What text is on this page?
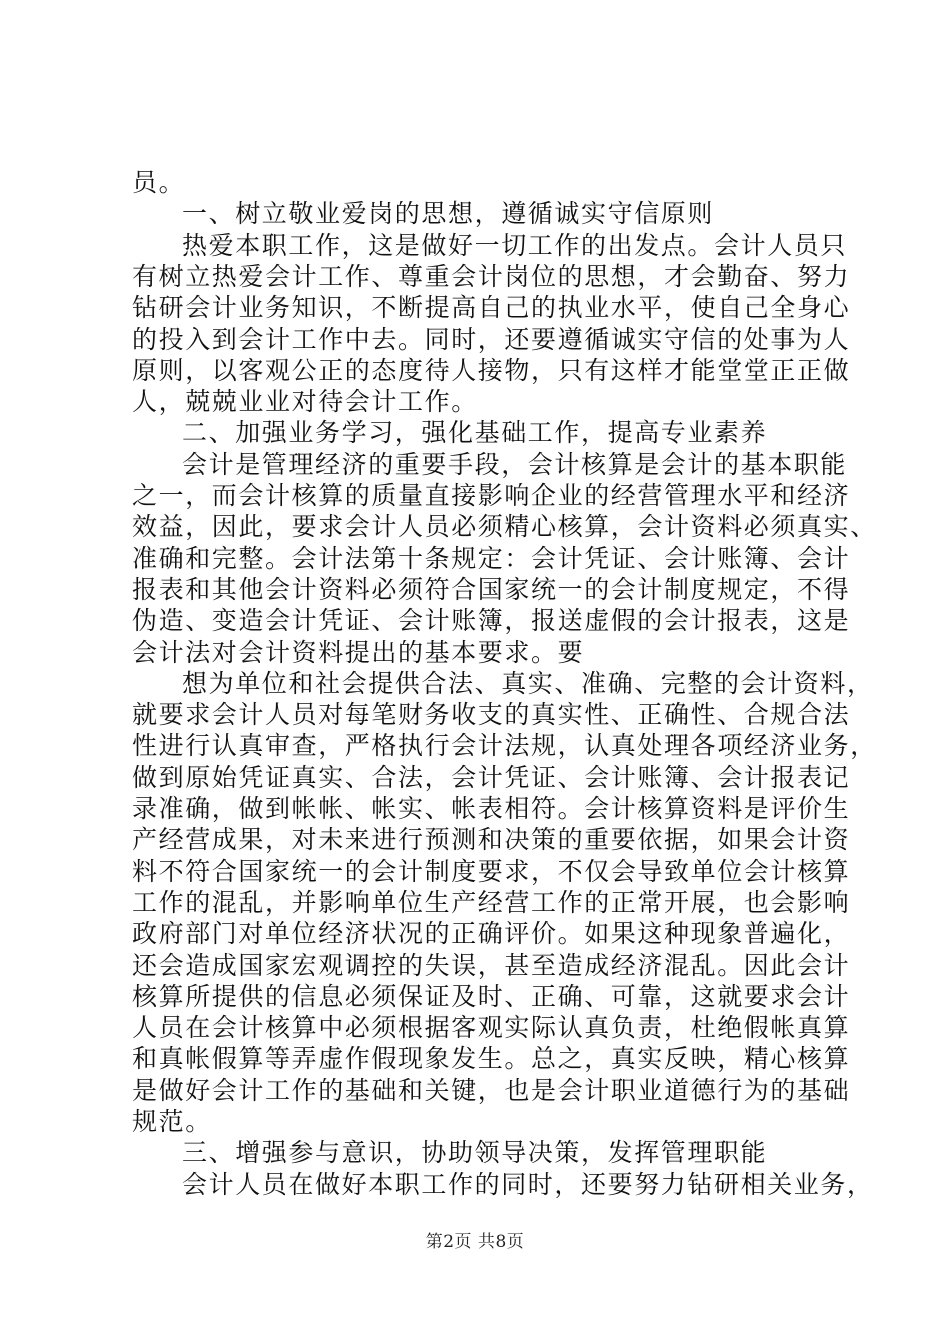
员。
一、树立敬业爱岗的思想，遵循诚实守信原则
热爱本职工作，这是做好一切工作的出发点。会计人员只
有树立热爱会计工作、尊重会计岗位的思想，才会勤奋、努力
钻研会计业务知识，不断提高自己的执业水平，使自己全身心
的投入到会计工作中去。同时，还要遵循诚实守信的处事为人
原则，以客观公正的态度待人接物，只有这样才能堂堂正正做
人，兢兢业业对待会计工作。
二、加强业务学习，强化基础工作，提高专业素养
会计是管理经济的重要手段，会计核算是会计的基本职能
之一，而会计核算的质量直接影响企业的经营管理水平和经济
效益，因此，要求会计人员必须精心核算，会计资料必须真实、
准确和完整。会计法第十条规定：会计凭证、会计账簿、会计
报表和其他会计资料必须符合国家统一的会计制度规定，不得
伪造、变造会计凭证、会计账簿，报送虚假的会计报表，这是
会计法对会计资料提出的基本要求。要
想为单位和社会提供合法、真实、准确、完整的会计资料，
就要求会计人员对每笔财务收支的真实性、正确性、合规合法
性进行认真审查，严格执行会计法规，认真处理各项经济业务，
做到原始凭证真实、合法，会计凭证、会计账簿、会计报表记
录准确，做到帐帐、帐实、帐表相符。会计核算资料是评价生
产经营成果，对未来进行预测和决策的重要依据，如果会计资
料不符合国家统一的会计制度要求，不仅会导致单位会计核算
工作的混乱，并影响单位生产经营工作的正常开展，也会影响
政府部门对单位经济状况的正确评价。如果这种现象普遍化，
还会造成国家宏观调控的失误，甚至造成经济混乱。因此会计
核算所提供的信息必须保证及时、正确、可靠，这就要求会计
人员在会计核算中必须根据客观实际认真负责，杜绝假帐真算
和真帐假算等弄虚作假现象发生。总之，真实反映，精心核算
是做好会计工作的基础和关键，也是会计职业道德行为的基础
规范。
三、增强参与意识，协助领导决策，发挥管理职能
会计人员在做好本职工作的同时，还要努力钻研相关业务，
第2页 共8页
